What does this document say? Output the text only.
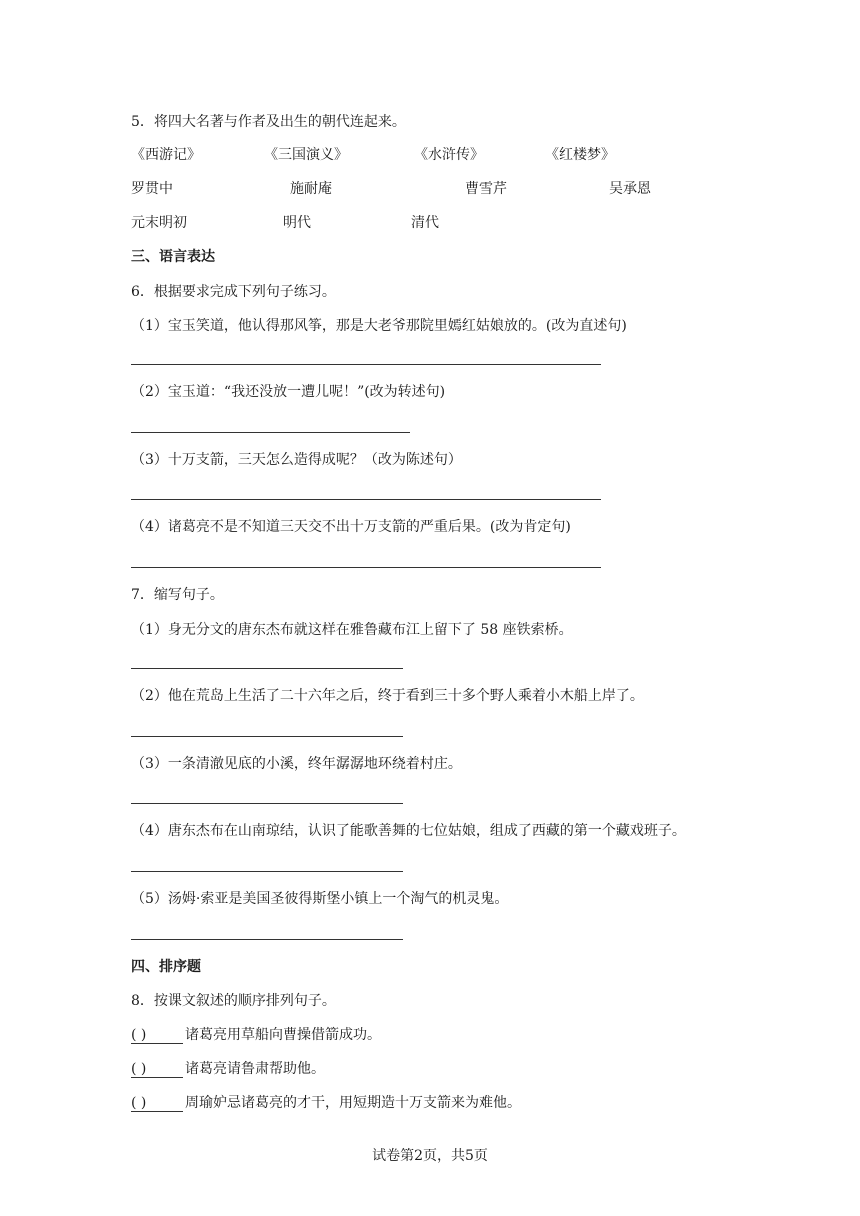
5．将四大名著与作者及出生的朝代连起来。
《西游记》	《三国演义》	《水浒传》	《红楼梦》
罗贯中	施耐庵	曹雪芹	吴承恩
元末明初	明代	清代
三、语言表达
6．根据要求完成下列句子练习。
（1）宝玉笑道，他认得那风筝，那是大老爷那院里嫣红姑娘放的。(改为直述句)
（2）宝玉道：“我还没放一遭儿呢！”(改为转述句)
（3）十万支箭，三天怎么造得成呢？（改为陈述句）
（4）诸葛亮不是不知道三天交不出十万支箭的严重后果。(改为肯定句)
7．缩写句子。
（1）身无分文的唐东杰布就这样在雅鲁藏布江上留下了 58 座铁索桥。
（2）他在荒岛上生活了二十六年之后，终于看到三十多个野人乘着小木船上岸了。
（3）一条清澈见底的小溪，终年潺潺地环绕着村庄。
（4）唐东杰布在山南琼结，认识了能歌善舞的七位姑娘，组成了西藏的第一个藏戏班子。
（5）汤姆·索亚是美国圣彼得斯堡小镇上一个淘气的机灵鬼。
四、排序题
8．按课文叙述的顺序排列句子。
( )	诸葛亮用草船向曹操借箭成功。
( )	诸葛亮请鲁肃帮助他。
( )	周瑜妒忌诸葛亮的才干，用短期造十万支箭来为难他。
试卷第2页，共5页
